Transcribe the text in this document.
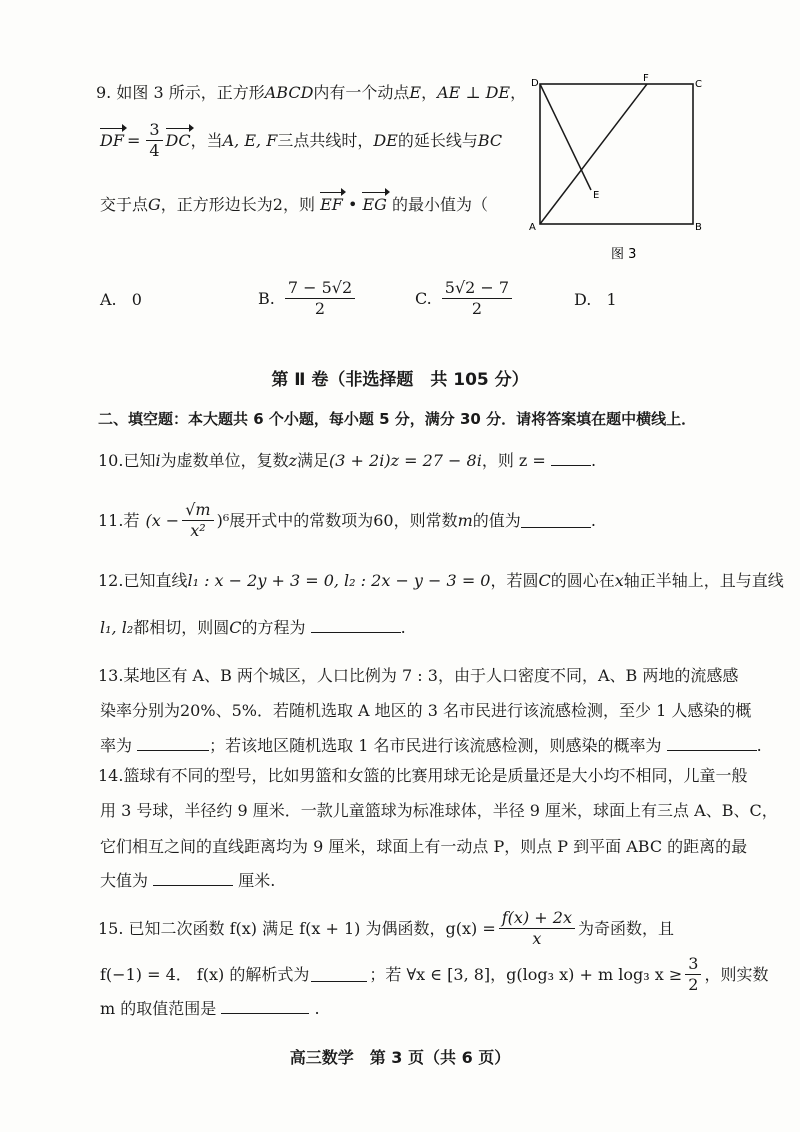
9. 如图 3 所示，正方形ABCD内有一个动点E，AE ⊥ DE，
DF = $\frac{3}{4}$ DC ，当 A, E, F 三点共线时， DE 的延长线与 BC
交于点G，正方形边长为2，则 EF • EG 的最小值为（
D	F
C
E
A	B
图 3
A. 0	B. $\frac{7 - 5√2}{2}$	C. $\frac{5√2 - 7}{2}$	D. 1
第 Ⅱ 卷（非选择题　共 105 分）
二、填空题：本大题共 6 个小题，每小题 5 分，满分 30 分．请将答案填在题中横线上．
10.已知i为虚数单位，复数z满足(3 + 2i)z = 27 − 8i，则 z =	.
11.若 $(x - \frac{√m}{\text{x²}} )^6$ 展开式中的常数项为60，则常数 m 的值为	.
12.已知直线l₁ : x − 2y + 3 = 0, l₂ : 2x − y − 3 = 0，若圆C的圆心在x轴正半轴上，且与直线
l₁, l₂都相切，则圆C的方程为	.
13.某地区有 A、B 两个城区，人口比例为 7 : 3，由于人口密度不同，A、B 两地的流感感
染率分别为20%、5%．若随机选取 A 地区的 3 名市民进行该流感检测，至少 1 人感染的概
率为	；若该地区随机选取 1 名市民进行该流感检测，则感染的概率为	.
14.篮球有不同的型号，比如男篮和女篮的比赛用球无论是质量还是大小均不相同，儿童一般
用 3 号球，半径约 9 厘米．一款儿童篮球为标准球体，半径 9 厘米，球面上有三点 A、B、C，
它们相互之间的直线距离均为 9 厘米，球面上有一动点 P，则点 P 到平面 ABC 的距离的最
大值为	厘米.
15. 已知二次函数 f(x) 满足 f(x + 1) 为偶函数，$g(x) = \frac{f(x) + 2x}{x}$ 为奇函数，且
f(−1) = 4． f(x) 的解析式为	；若 ∀x ∈ [3, 8]，g(log₃ x) + m log₃ $x \ge \frac{3}{2}$ ，则实数
m 的取值范围是	.
高三数学　第 3 页（共 6 页）
